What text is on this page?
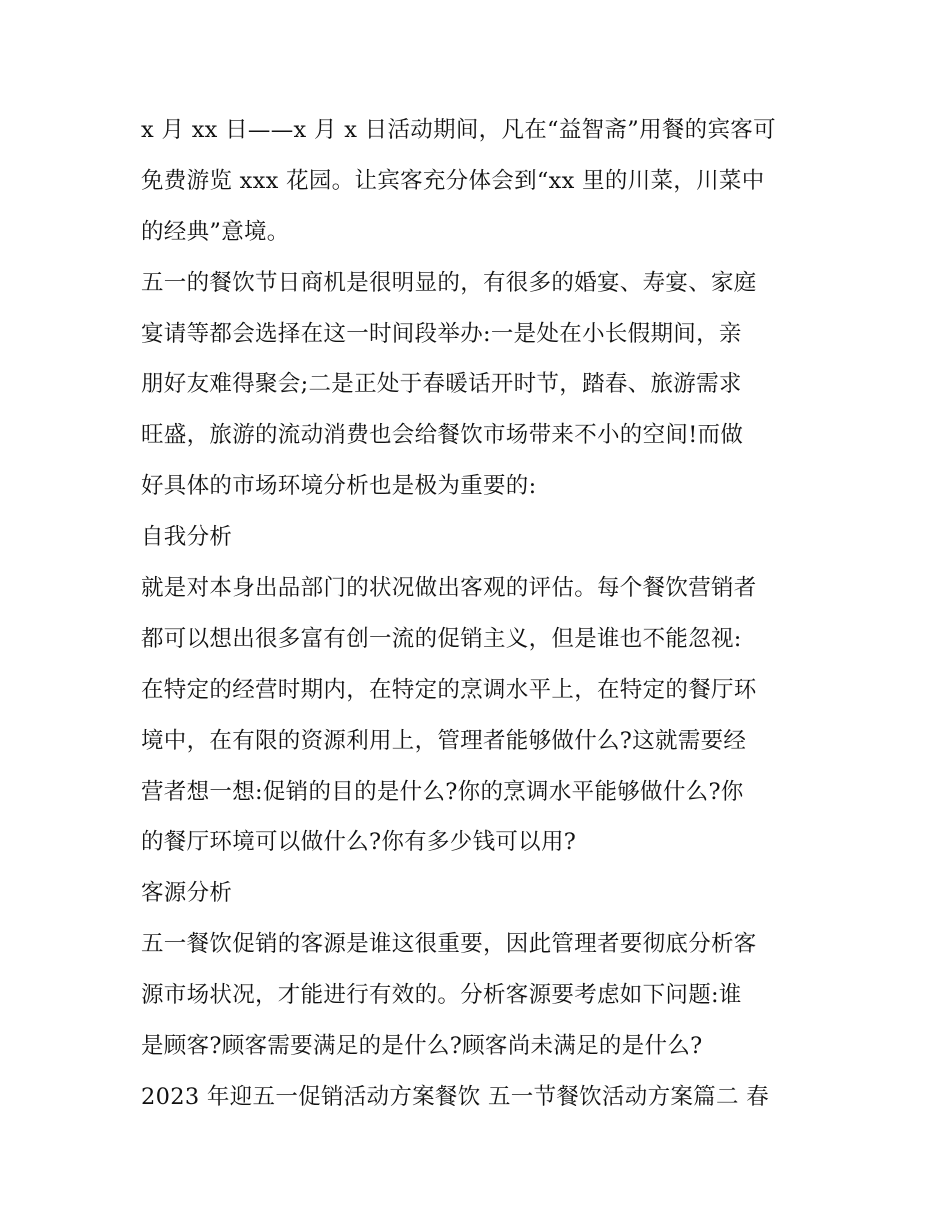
x 月 xx 日——x 月 x 日活动期间，凡在“益智斋”用餐的宾客可
免费游览 xxx 花园。让宾客充分体会到“xx 里的川菜，川菜中
的经典”意境。
五一的餐饮节日商机是很明显的，有很多的婚宴、寿宴、家庭
宴请等都会选择在这一时间段举办:一是处在小长假期间，亲
朋好友难得聚会;二是正处于春暖话开时节，踏春、旅游需求
旺盛，旅游的流动消费也会给餐饮市场带来不小的空间!而做
好具体的市场环境分析也是极为重要的:
自我分析
就是对本身出品部门的状况做出客观的评估。每个餐饮营销者
都可以想出很多富有创一流的促销主义，但是谁也不能忽视:
在特定的经营时期内，在特定的烹调水平上，在特定的餐厅环
境中，在有限的资源利用上，管理者能够做什么?这就需要经
营者想一想:促销的目的是什么?你的烹调水平能够做什么?你
的餐厅环境可以做什么?你有多少钱可以用?
客源分析
五一餐饮促销的客源是谁这很重要，因此管理者要彻底分析客
源市场状况，才能进行有效的。分析客源要考虑如下问题:谁
是顾客?顾客需要满足的是什么?顾客尚未满足的是什么?
2023 年迎五一促销活动方案餐饮 五一节餐饮活动方案篇二 春
